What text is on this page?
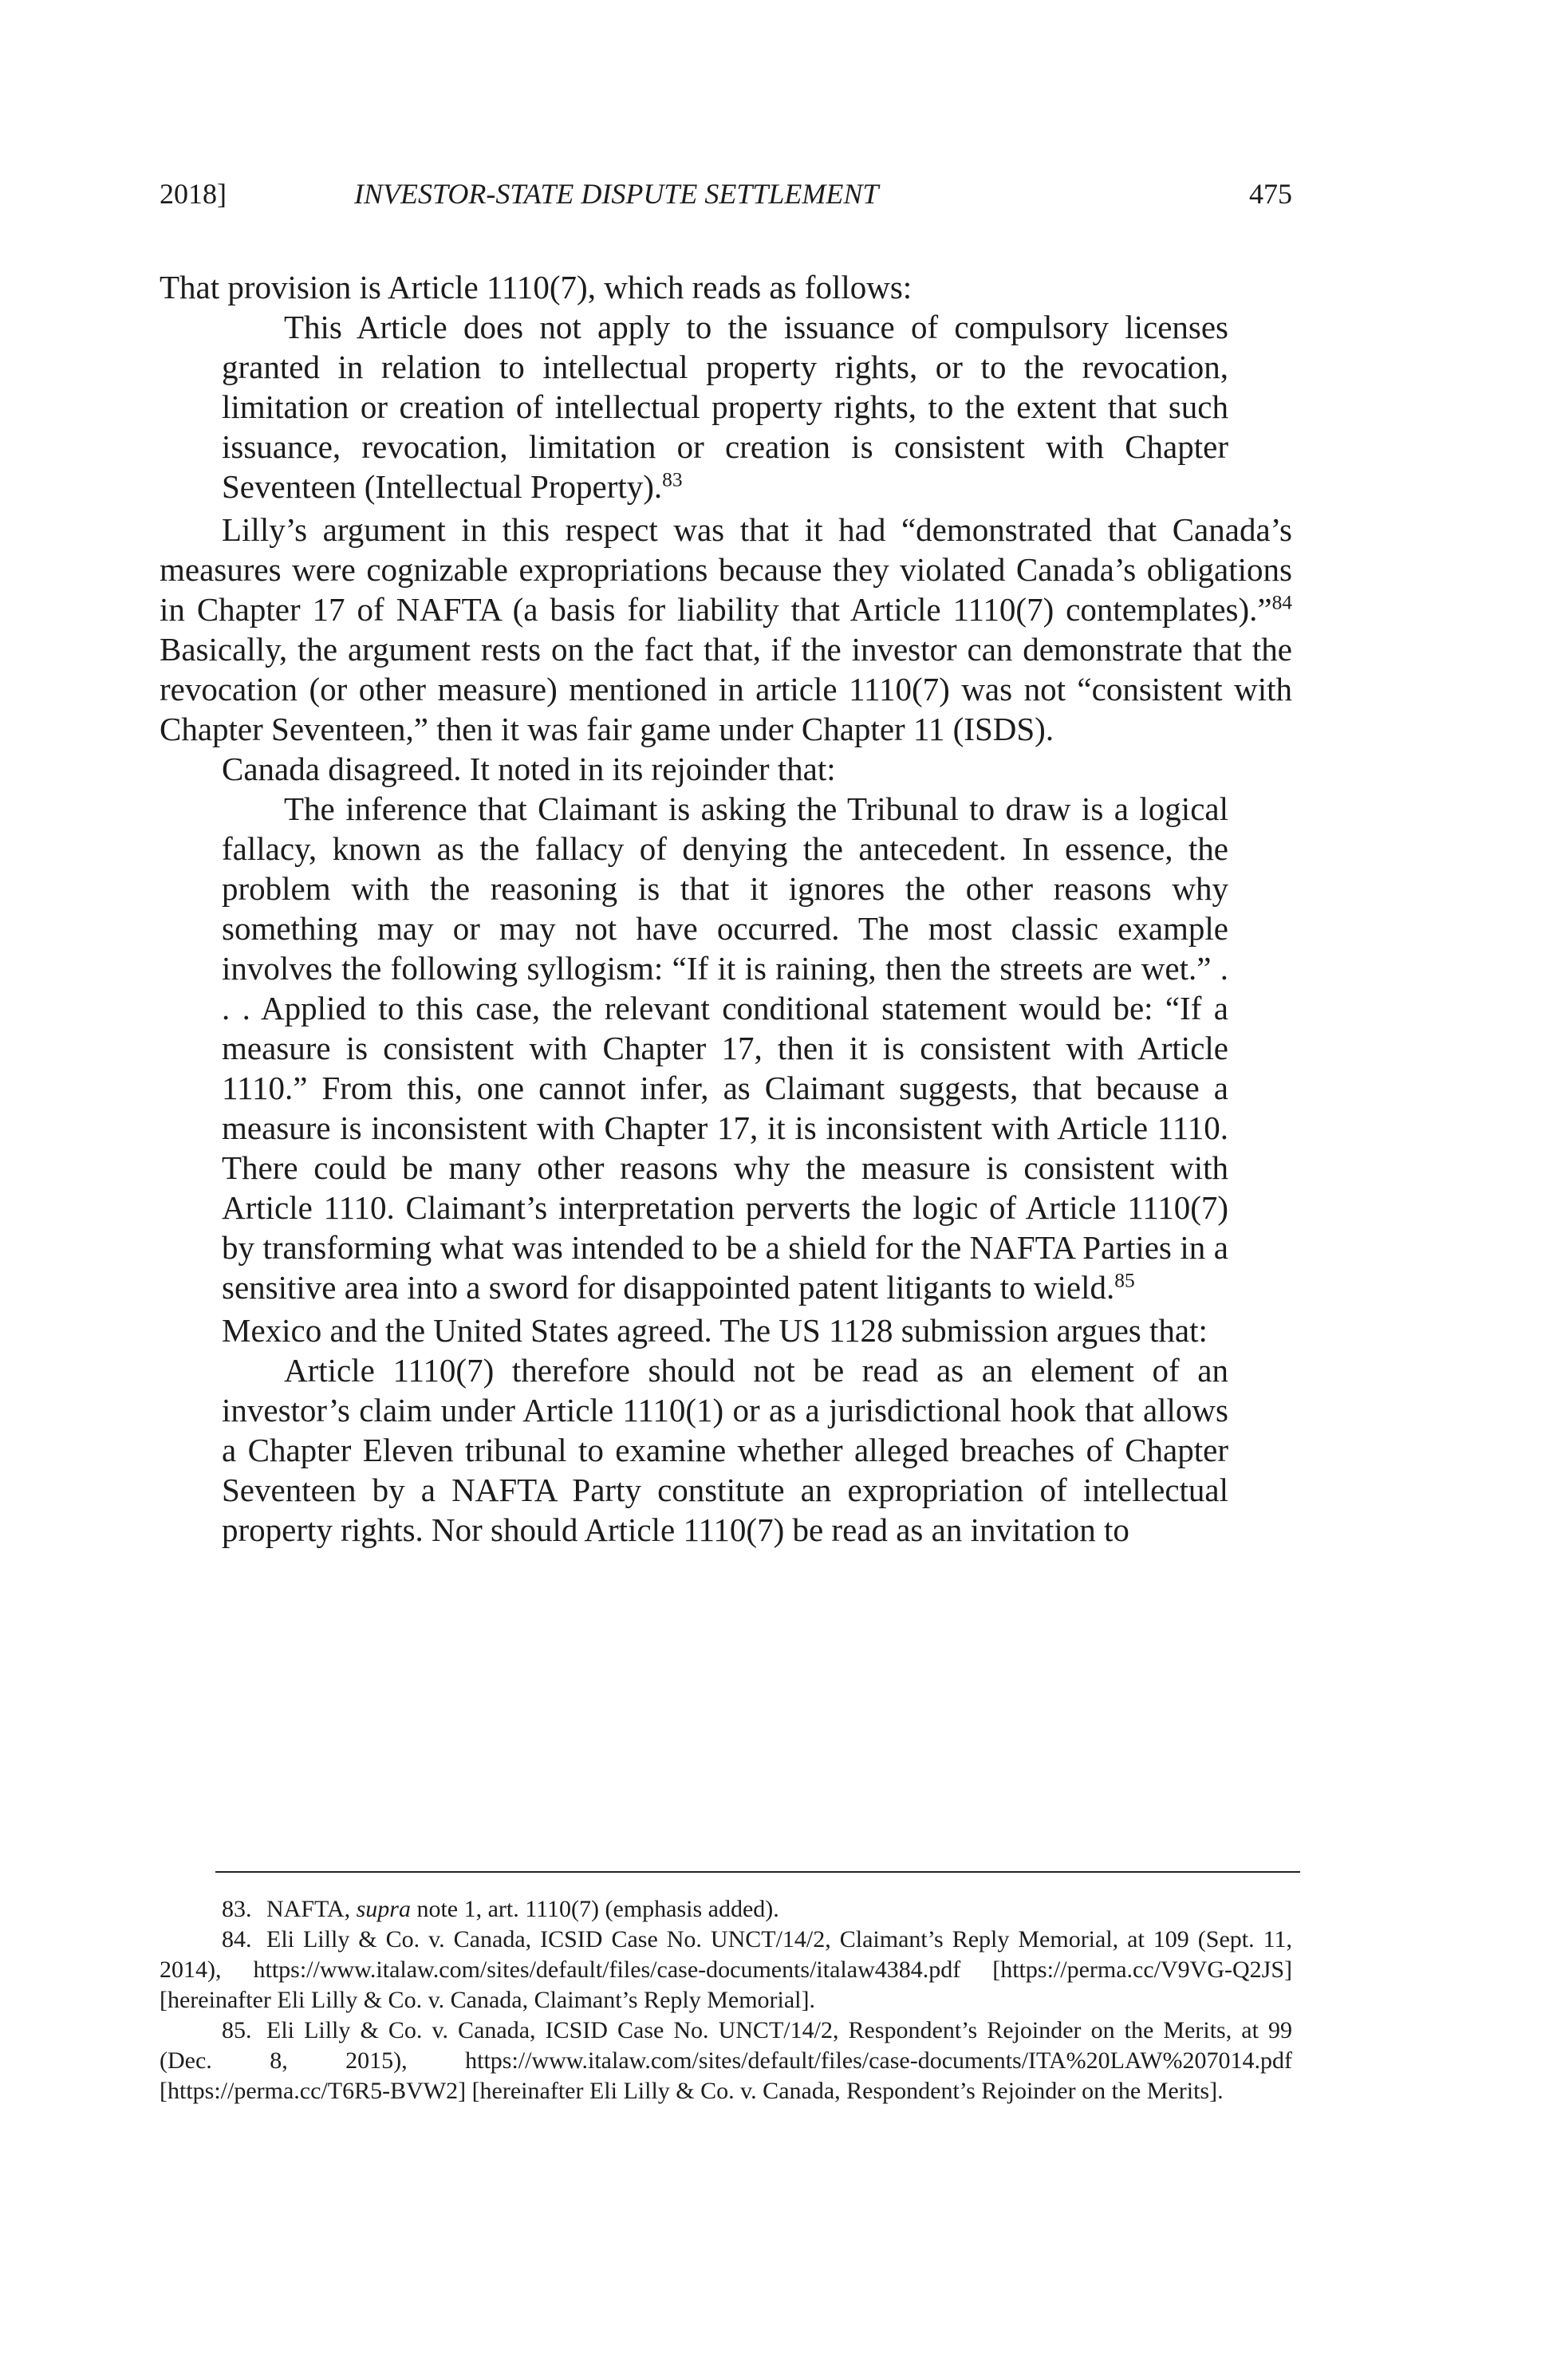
2018]	INVESTOR-STATE DISPUTE SETTLEMENT	475

That provision is Article 1110(7), which reads as follows:

This Article does not apply to the issuance of compulsory licenses granted in relation to intellectual property rights, or to the revocation, limitation or creation of intellectual property rights, to the extent that such issuance, revocation, limitation or creation is consistent with Chapter Seventeen (Intellectual Property).$^{83}$

Lilly’s argument in this respect was that it had “demonstrated that Canada’s measures were cognizable expropriations because they violated Canada’s obligations in Chapter 17 of NAFTA (a basis for liability that Article 1110(7) contemplates).”$^{84}$ Basically, the argument rests on the fact that, if the investor can demonstrate that the revocation (or other measure) mentioned in article 1110(7) was not “consistent with Chapter Seventeen,” then it was fair game under Chapter 11 (ISDS).

Canada disagreed. It noted in its rejoinder that:

The inference that Claimant is asking the Tribunal to draw is a logical fallacy, known as the fallacy of denying the antecedent. In essence, the problem with the reasoning is that it ignores the other reasons why something may or may not have occurred. The most classic example involves the following syllogism: “If it is raining, then the streets are wet.” . . . Applied to this case, the relevant conditional statement would be: “If a measure is consistent with Chapter 17, then it is consistent with Article 1110.” From this, one cannot infer, as Claimant suggests, that because a measure is inconsistent with Chapter 17, it is inconsistent with Article 1110. There could be many other reasons why the measure is consistent with Article 1110. Claimant’s interpretation perverts the logic of Article 1110(7) by transforming what was intended to be a shield for the NAFTA Parties in a sensitive area into a sword for disappointed patent litigants to wield.$^{85}$

Mexico and the United States agreed. The US 1128 submission argues that:

Article 1110(7) therefore should not be read as an element of an investor’s claim under Article 1110(1) or as a jurisdictional hook that allows a Chapter Eleven tribunal to examine whether alleged breaches of Chapter Seventeen by a NAFTA Party constitute an expropriation of intellectual property rights. Nor should Article 1110(7) be read as an invitation to

83. NAFTA, supra note 1, art. 1110(7) (emphasis added).

84. Eli Lilly & Co. v. Canada, ICSID Case No. UNCT/14/2, Claimant’s Reply Memorial, at 109 (Sept. 11, 2014), https://www.italaw.com/sites/default/files/case-documents/italaw4384.pdf [https://perma.cc/V9VG-Q2JS] [hereinafter Eli Lilly & Co. v. Canada, Claimant’s Reply Memorial].

85. Eli Lilly & Co. v. Canada, ICSID Case No. UNCT/14/2, Respondent’s Rejoinder on the Merits, at 99 (Dec. 8, 2015), https://www.italaw.com/sites/default/files/case-documents/ITA%20LAW%207014.pdf [https://perma.cc/T6R5-BVW2] [hereinafter Eli Lilly & Co. v. Canada, Respondent’s Rejoinder on the Merits].
